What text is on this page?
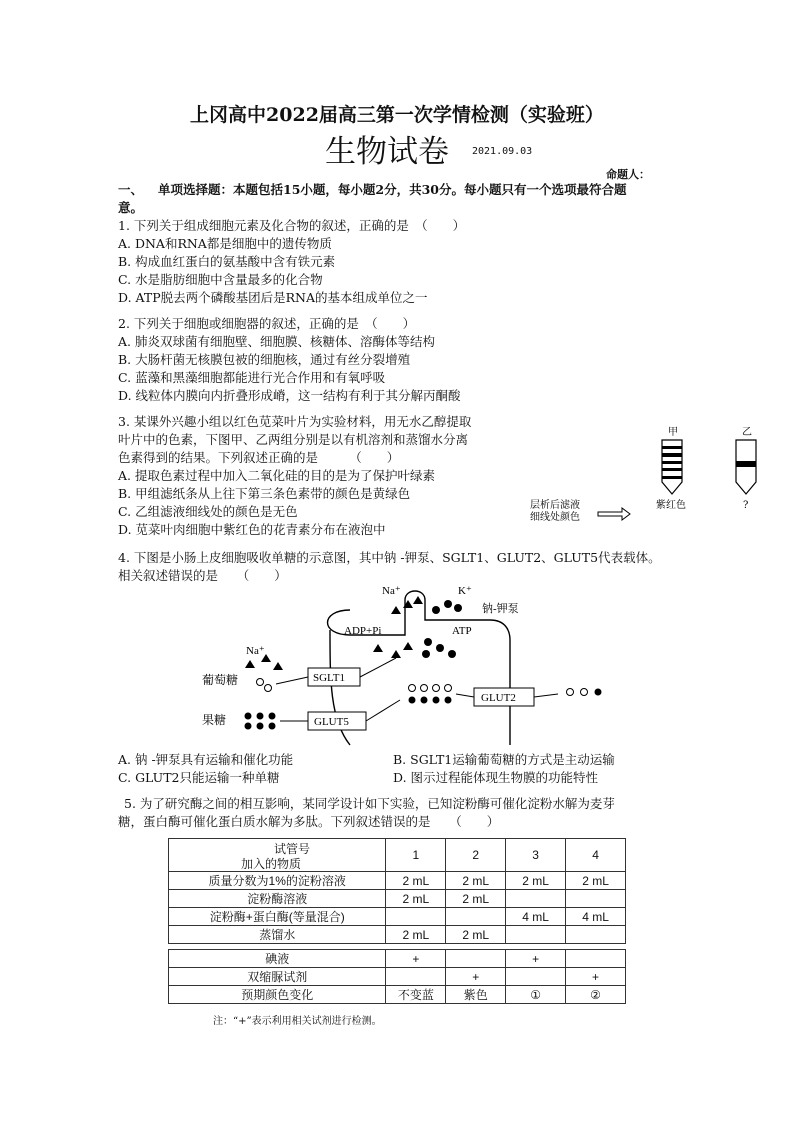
上冈高中2022届高三第一次学情检测（实验班）
生物试卷 2021.09.03
命题人：
一、 单项选择题：本题包括15小题，每小题2分，共30分。每小题只有一个选项最符合题
意。
1. 下列关于组成细胞元素及化合物的叙述，正确的是　（　　）
A. DNA和RNA都是细胞中的遗传物质
B. 构成血红蛋白的氨基酸中含有铁元素
C. 水是脂肪细胞中含量最多的化合物
D. ATP脱去两个磷酸基团后是RNA的基本组成单位之一
2. 下列关于细胞或细胞器的叙述，正确的是　（　　）
A. 肺炎双球菌有细胞壁、细胞膜、核糖体、溶酶体等结构
B. 大肠杆菌无核膜包被的细胞核，通过有丝分裂增殖
C. 蓝藻和黑藻细胞都能进行光合作用和有氧呼吸
D. 线粒体内膜向内折叠形成嵴，这一结构有利于其分解丙酮酸
3. 某课外兴趣小组以红色苋菜叶片为实验材料，用无水乙醇提取
叶片中的色素，下图甲、乙两组分别是以有机溶剂和蒸馏水分离
色素得到的结果。下列叙述正确的是　　　（　　）
A. 提取色素过程中加入二氧化硅的目的是为了保护叶绿素
B. 甲组滤纸条从上往下第三条色素带的颜色是黄绿色
C. 乙组滤液细线处的颜色是无色
D. 苋菜叶肉细胞中紫红色的花青素分布在液泡中
甲	乙
紫红色	?
层析后滤液
细线处颜色
4. 下图是小肠上皮细胞吸收单糖的示意图，其中钠 -钾泵、SGLT1、GLUT2、GLUT5代表载体。
相关叙述错误的是　　（　　）
Na⁺	K⁺
钠-钾泵
ADP+Pi	ATP
Na⁺
葡萄糖	SGLT1
果糖	GLUT5
GLUT2
A. 钠 -钾泵具有运输和催化功能	B. SGLT1运输葡萄糖的方式是主动运输
C. GLUT2只能运输一种单糖	D. 图示过程能体现生物膜的功能特性
5. 为了研究酶之间的相互影响，某同学设计如下实验，已知淀粉酶可催化淀粉水解为麦芽
糖，蛋白酶可催化蛋白质水解为多肽。下列叙述错误的是　　（　　）
试管号
加入的物质	1	2	3	4
质量分数为1%的淀粉溶液	2 mL	2 mL	2 mL	2 mL
淀粉酶溶液	2 mL	2 mL		
淀粉酶+蛋白酶(等量混合)			4 mL	4 mL
蒸馏水	2 mL	2 mL		
碘液	+		+	
双缩脲试剂		+		+
预期颜色变化	不变蓝	紫色	①	②
注：“+”表示利用相关试剂进行检测。
